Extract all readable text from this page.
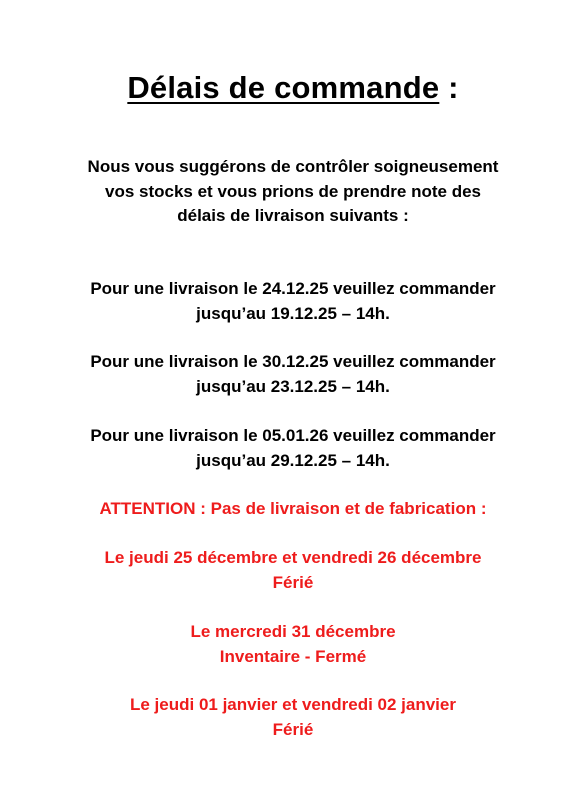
Délais de commande :
Nous vous suggérons de contrôler soigneusement
vos stocks et vous prions de prendre note des
délais de livraison suivants :
Pour une livraison le 24.12.25 veuillez commander
jusqu’au 19.12.25 – 14h.
Pour une livraison le 30.12.25 veuillez commander
jusqu’au 23.12.25 – 14h.
Pour une livraison le 05.01.26 veuillez commander
jusqu’au 29.12.25 – 14h.
ATTENTION : Pas de livraison et de fabrication :
Le jeudi 25 décembre et vendredi 26 décembre
Férié
Le mercredi 31 décembre
Inventaire - Fermé
Le jeudi 01 janvier et vendredi 02 janvier
Férié
